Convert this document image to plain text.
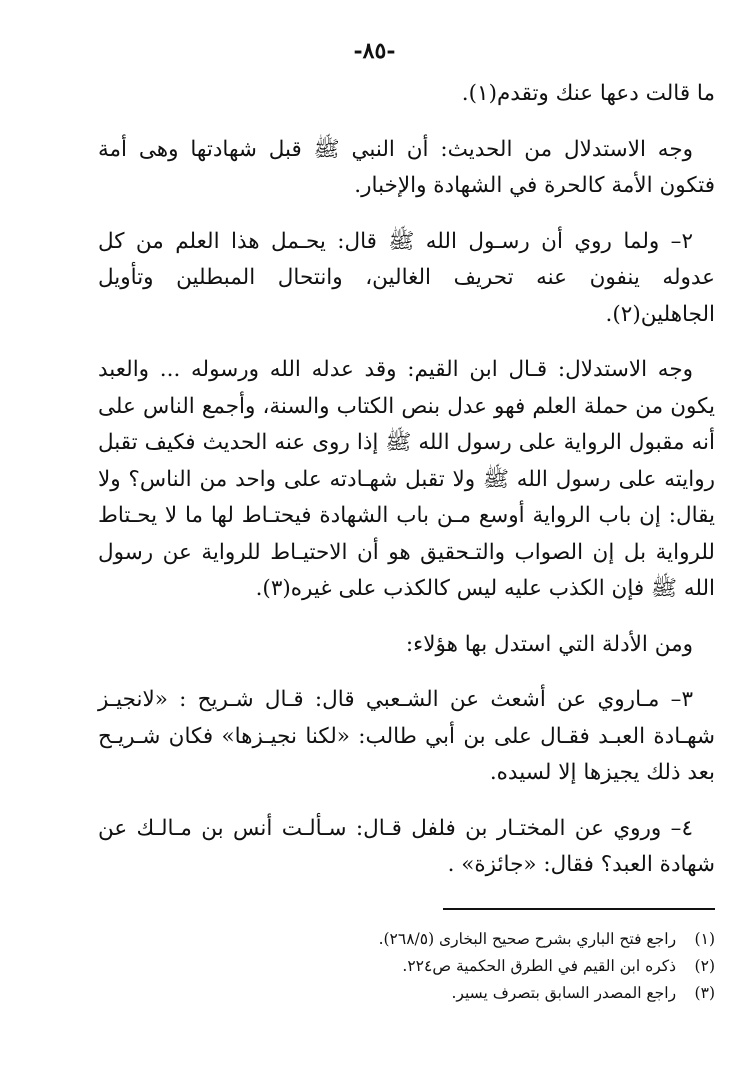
-٨٥-

ما قالت دعها عنك وتقدم(١).

وجه الاستدلال من الحديث: أن النبي ﷺ قبل شهادتها وهى أمة فتكون الأمة كالحرة في الشهادة والإخبار.

٢– ولما روي أن رسـول الله ﷺ قال: يحـمل هذا العلم من كل عدوله ينفون عنه تحريف الغالين، وانتحال المبطلين وتأويل الجاهلين(٢).

وجه الاستدلال: قـال ابن القيم: وقد عدله الله ورسوله ... والعبد يكون من حملة العلم فهو عدل بنص الكتاب والسنة، وأجمع الناس على أنه مقبول الرواية على رسول الله ﷺ إذا روى عنه الحديث فكيف تقبل روايته على رسول الله ﷺ ولا تقبل شهـادته على واحد من الناس؟ ولا يقال: إن باب الرواية أوسع مـن باب الشهادة فيحتـاط لها ما لا يحـتاط للرواية بل إن الصواب والتـحقيق هو أن الاحتيـاط للرواية عن رسول الله ﷺ فإن الكذب عليه ليس كالكذب على غيره(٣).

ومن الأدلة التي استدل بها هؤلاء:

٣– مـاروي عن أشعث عن الشـعبي قال: قـال شـريح : «لانجيـز شهـادة العبـد فقـال على بن أبي طالب: «لكنا نجيـزها» فكان شـريـح بعد ذلك يجيزها إلا لسيده.

٤– وروي عن المختـار بن فلفل قـال: سـألـت أنس بن مـالـك عن شهادة العبد؟ فقال: «جائزة» .

(١) راجع فتح الباري بشرح صحيح البخارى (٢٦٨/٥).

(٢) ذكره ابن القيم في الطرق الحكمية ص٢٢٤.

(٣) راجع المصدر السابق بتصرف يسير.
